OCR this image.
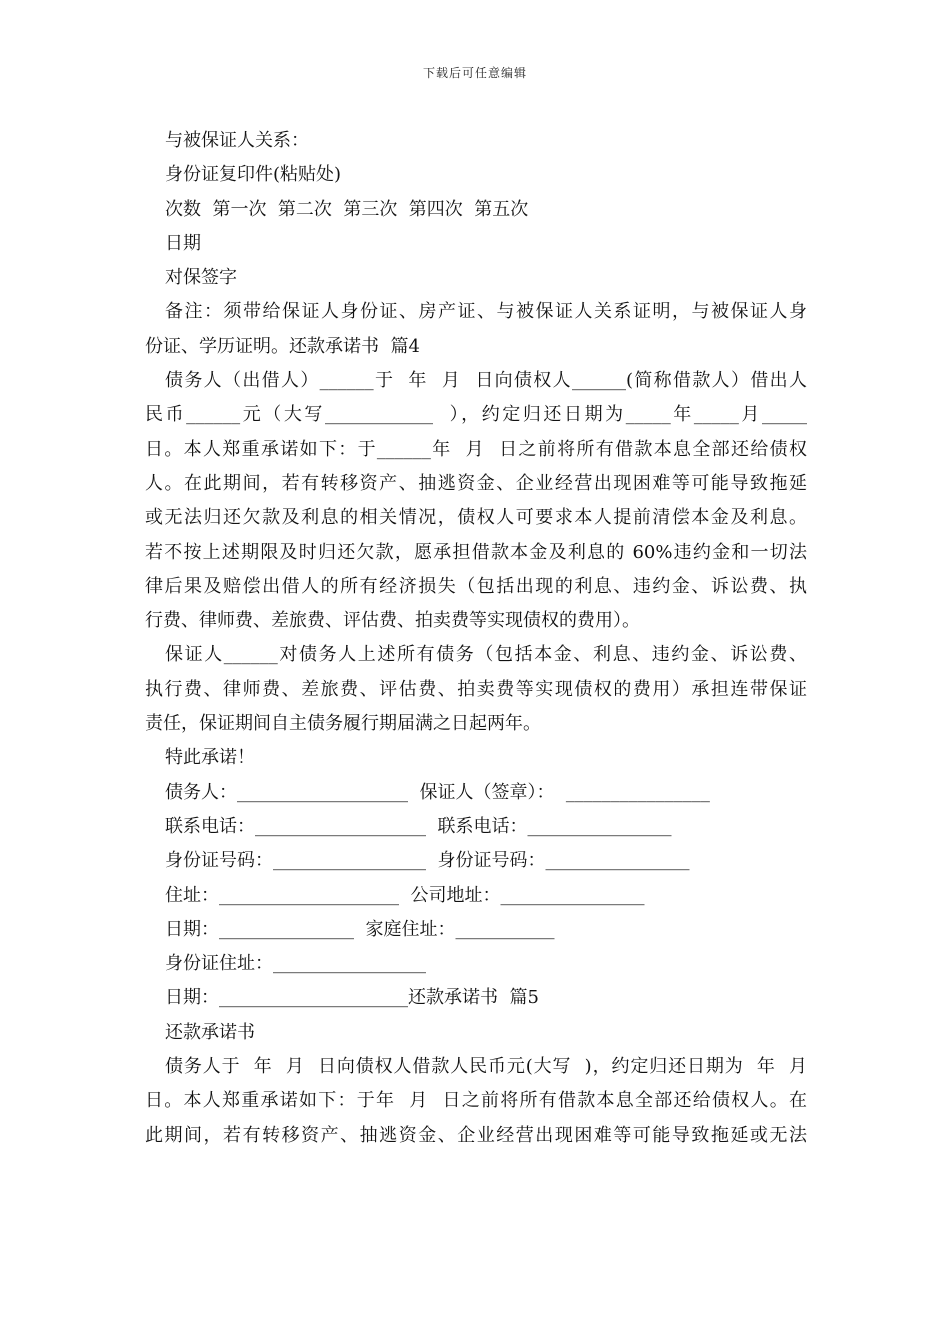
下载后可任意编辑
与被保证人关系：
身份证复印件(粘贴处)
次数  第一次  第二次  第三次  第四次  第五次
日期
对保签字
备注：须带给保证人身份证、房产证、与被保证人关系证明，与被保证人身
份证、学历证明。还款承诺书  篇4
债务人（出借人）______于  年  月  日向债权人______(简称借款人）借出人
民币______元（大写____________  ），约定归还日期为_____年_____月_____
日。本人郑重承诺如下：于______年  月  日之前将所有借款本息全部还给债权
人。在此期间，若有转移资产、抽逃资金、企业经营出现困难等可能导致拖延
或无法归还欠款及利息的相关情况，债权人可要求本人提前清偿本金及利息。
若不按上述期限及时归还欠款，愿承担借款本金及利息的 60%违约金和一切法
律后果及赔偿出借人的所有经济损失（包括出现的利息、违约金、诉讼费、执
行费、律师费、差旅费、评估费、拍卖费等实现债权的费用）。
保证人______对债务人上述所有债务（包括本金、利息、违约金、诉讼费、
执行费、律师费、差旅费、评估费、拍卖费等实现债权的费用）承担连带保证
责任，保证期间自主债务履行期届满之日起两年。
特此承诺！
债务人：___________________  保证人（签章）：  ________________
联系电话：___________________  联系电话：________________
身份证号码：_________________  身份证号码：________________
住址：____________________  公司地址：________________
日期：_______________  家庭住址：___________
身份证住址：_________________
日期：_____________________还款承诺书  篇5
还款承诺书
债务人于  年  月  日向债权人借款人民币元(大写  )，约定归还日期为  年  月
日。本人郑重承诺如下：于年  月  日之前将所有借款本息全部还给债权人。在
此期间，若有转移资产、抽逃资金、企业经营出现困难等可能导致拖延或无法
